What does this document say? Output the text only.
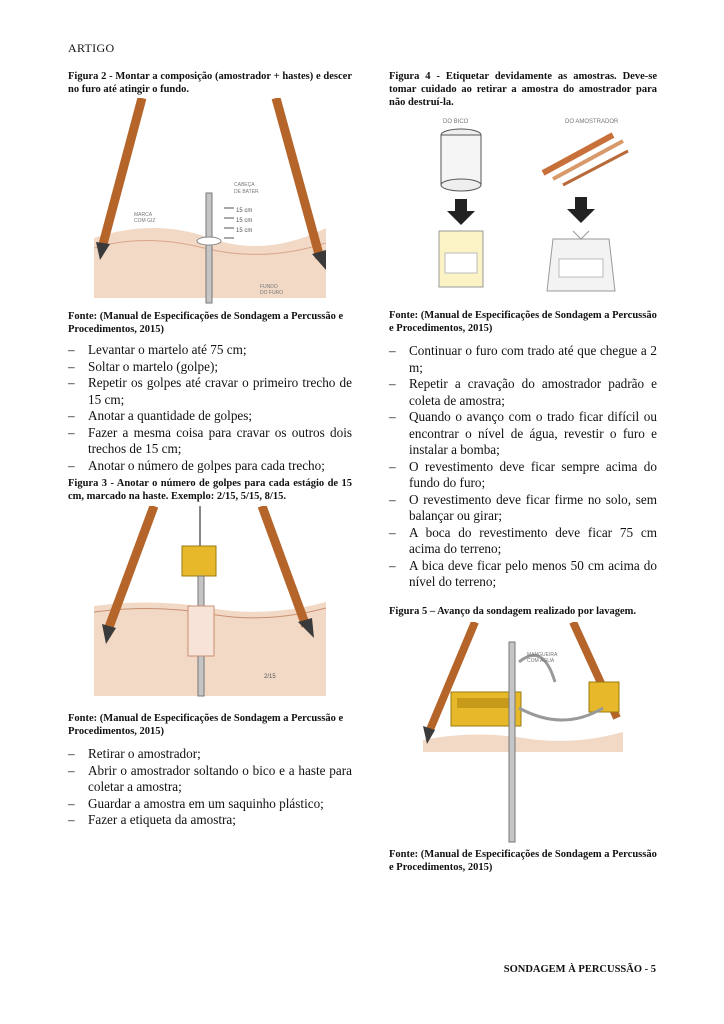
ARTIGO

Figura 2 - Montar a composição (amostrador + hastes) e descer no furo até atingir o fundo.

15 cm
15 cm
15 cm
CABEÇA
DE BATER
MARCA
COM GIZ
FUNDO
DO FURO

Fonte: (Manual de Especificações de Sondagem a Percussão e Procedimentos, 2015)

– Levantar o martelo até 75 cm;
– Soltar o martelo (golpe);
– Repetir os golpes até cravar o primeiro trecho de 15 cm;
– Anotar a quantidade de golpes;
– Fazer a mesma coisa para cravar os outros dois trechos de 15 cm;
– Anotar o número de golpes para cada trecho;

Figura 3 - Anotar o número de golpes para cada estágio de 15 cm, marcado na haste. Exemplo: 2/15, 5/15, 8/15.

2/15

Fonte: (Manual de Especificações de Sondagem a Percussão e Procedimentos, 2015)

– Retirar o amostrador;
– Abrir o amostrador soltando o bico e a haste para coletar a amostra;
– Guardar a amostra em um saquinho plástico;
– Fazer a etiqueta da amostra;

Figura 4 - Etiquetar devidamente as amostras. Deve-se tomar cuidado ao retirar a amostra do amostrador para não destruí-la.

DO BICO	DO AMOSTRADOR

Fonte: (Manual de Especificações de Sondagem a Percussão e Procedimentos, 2015)

– Continuar o furo com trado até que chegue a 2 m;
– Repetir a cravação do amostrador padrão e coleta de amostra;
– Quando o avanço com o trado ficar difícil ou encontrar o nível de água, revestir o furo e instalar a bomba;
– O revestimento deve ficar sempre acima do fundo do furo;
– O revestimento deve ficar firme no solo, sem balançar ou girar;
– A boca do revestimento deve ficar 75 cm acima do terreno;
– A bica deve ficar pelo menos 50 cm acima do nível do terreno;

Figura 5 – Avanço da sondagem realizado por lavagem.

MANGUEIRA
COM ÁGUA

Fonte: (Manual de Especificações de Sondagem a Percussão e Procedimentos, 2015)

SONDAGEM À PERCUSSÃO - 5
